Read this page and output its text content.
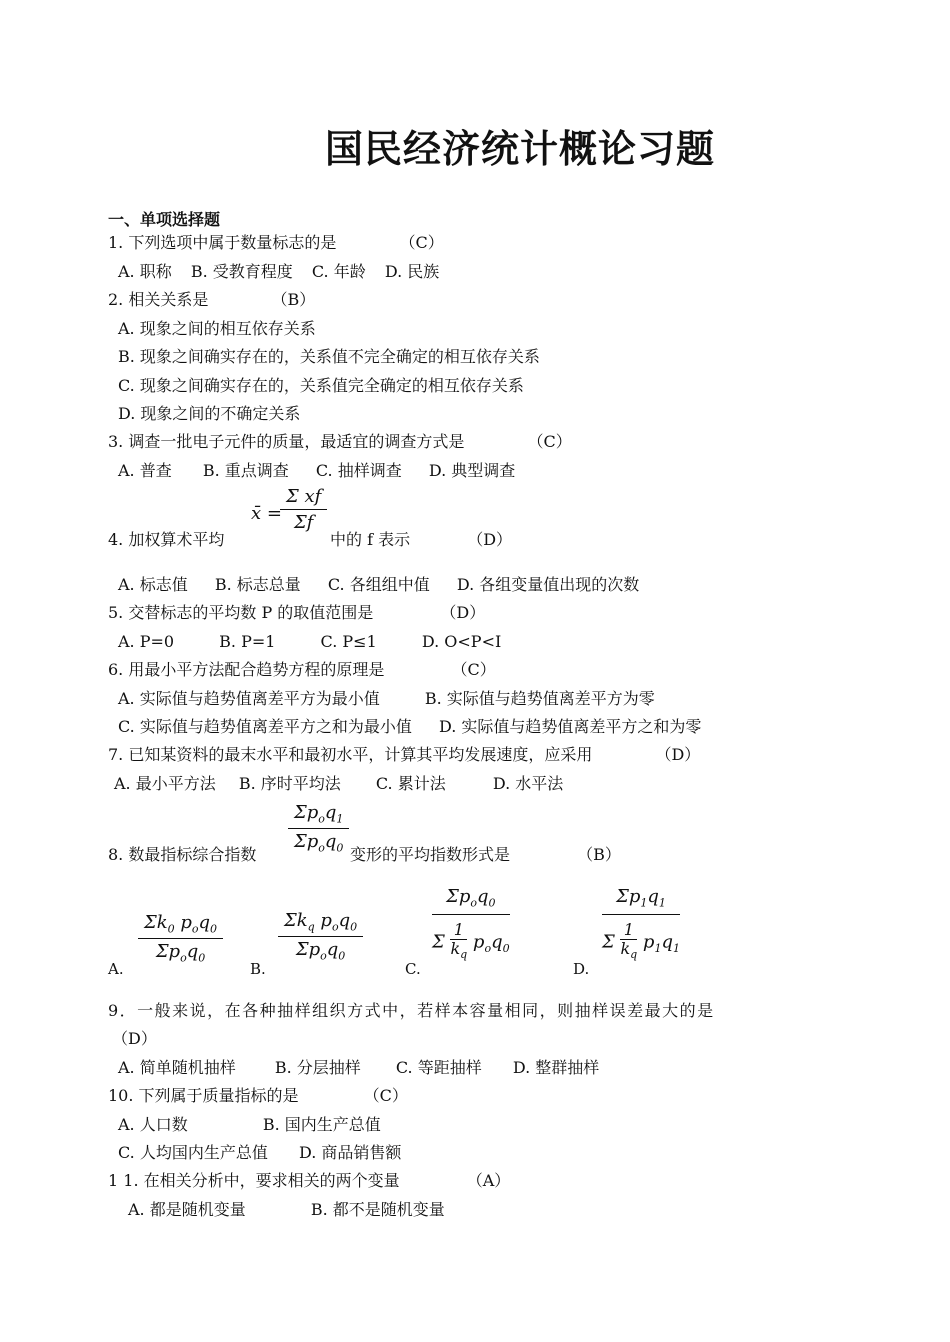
国民经济统计概论习题
一、单项选择题
1. 下列选项中属于数量标志的是	（C）
A. 职称 B. 受教育程度 C. 年龄 D. 民族
2. 相关关系是	（B）
A. 现象之间的相互依存关系
B. 现象之间确实存在的，关系值不完全确定的相互依存关系
C. 现象之间确实存在的，关系值完全确定的相互依存关系
D. 现象之间的不确定关系
3. 调查一批电子元件的质量，最适宜的调查方式是	（C）
A. 普查 B. 重点调查 C. 抽样调查 D. 典型调查
x̄ =
$\frac{\text{Σ xf}}{\Sigma f}$
4. 加权算术平均	中的 f 表示	（D）
A. 标志值 B. 标志总量 C. 各组组中值 D. 各组变量值出现的次数
5. 交替标志的平均数 P 的取值范围是	（D）
A. P=0	B. P=1	C. P≤1	D. O<P<I
6. 用最小平方法配合趋势方程的原理是	（C）
A. 实际值与趋势值离差平方为最小值	B. 实际值与趋势值离差平方为零
C. 实际值与趋势值离差平方之和为最小值 D. 实际值与趋势值离差平方之和为零
7. 已知某资料的最末水平和最初水平，计算其平均发展速度，应采用	（D）
A. 最小平方法 B. 序时平均法 C. 累计法	D. 水平法
$\Sigma p_oq_1$
$\Sigma p_oq_0$
8. 数最指标综合指数	变形的平均指数形式是	（B）
A.
$\Sigma k_0$ $p_oq_0$
$\Sigma p_oq_0$
B.
$\Sigma k_q$ $p_oq_0$
$\Sigma p_oq_0$
C.
$\Sigma p_oq_0$
Σ $\frac{1}{k_q} p_oq_0$
D.
$\frac{\Sigma p_1q_1}{\Sigma \frac{1}{k_q} p_1q_1}$
9．一般来说，在各种抽样组织方式中，若样本容量相同，则抽样误差最大的是
（D）
A. 简单随机抽样 B. 分层抽样 C. 等距抽样 D. 整群抽样
10. 下列属于质量指标的是	（C）
A. 人口数	B. 国内生产总值
C. 人均国内生产总值 D. 商品销售额
1 1. 在相关分析中，要求相关的两个变量	（A）
A. 都是随机变量	B. 都不是随机变量
